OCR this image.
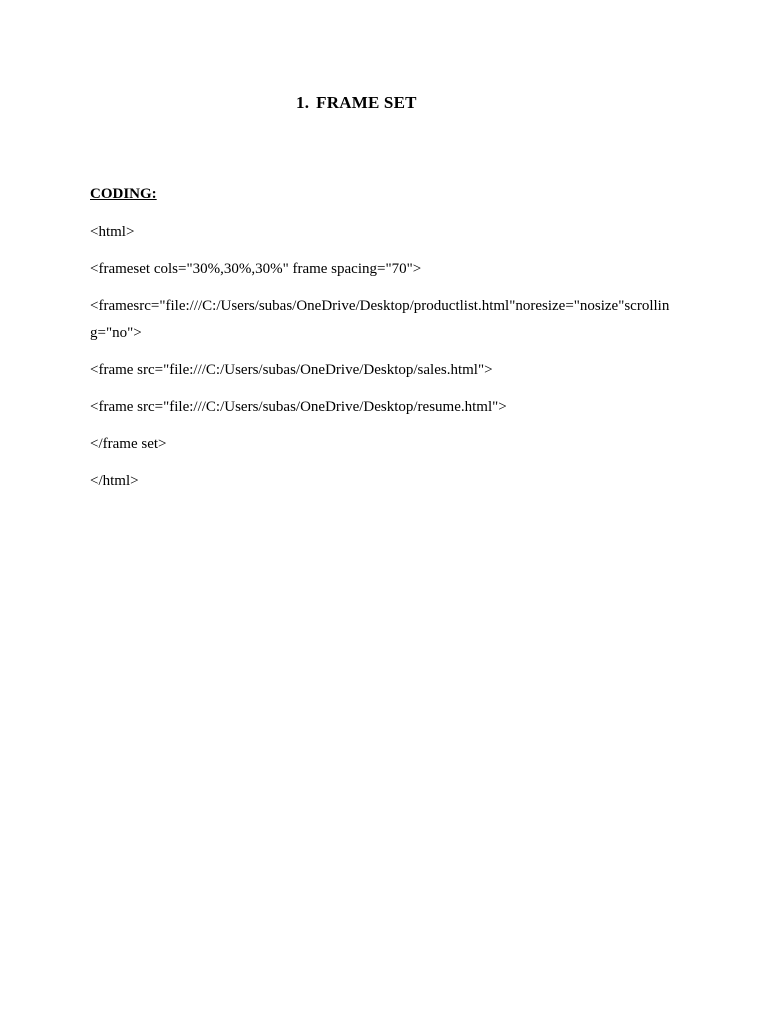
1. FRAME SET

CODING:

<html>

<frameset cols="30%,30%,30%" frame spacing="70">

<framesrc="file:///C:/Users/subas/OneDrive/Desktop/productlist.html"noresize="nosize"scrollin

g="no">

<frame src="file:///C:/Users/subas/OneDrive/Desktop/sales.html">

<frame src="file:///C:/Users/subas/OneDrive/Desktop/resume.html">

</frame set>

</html>
